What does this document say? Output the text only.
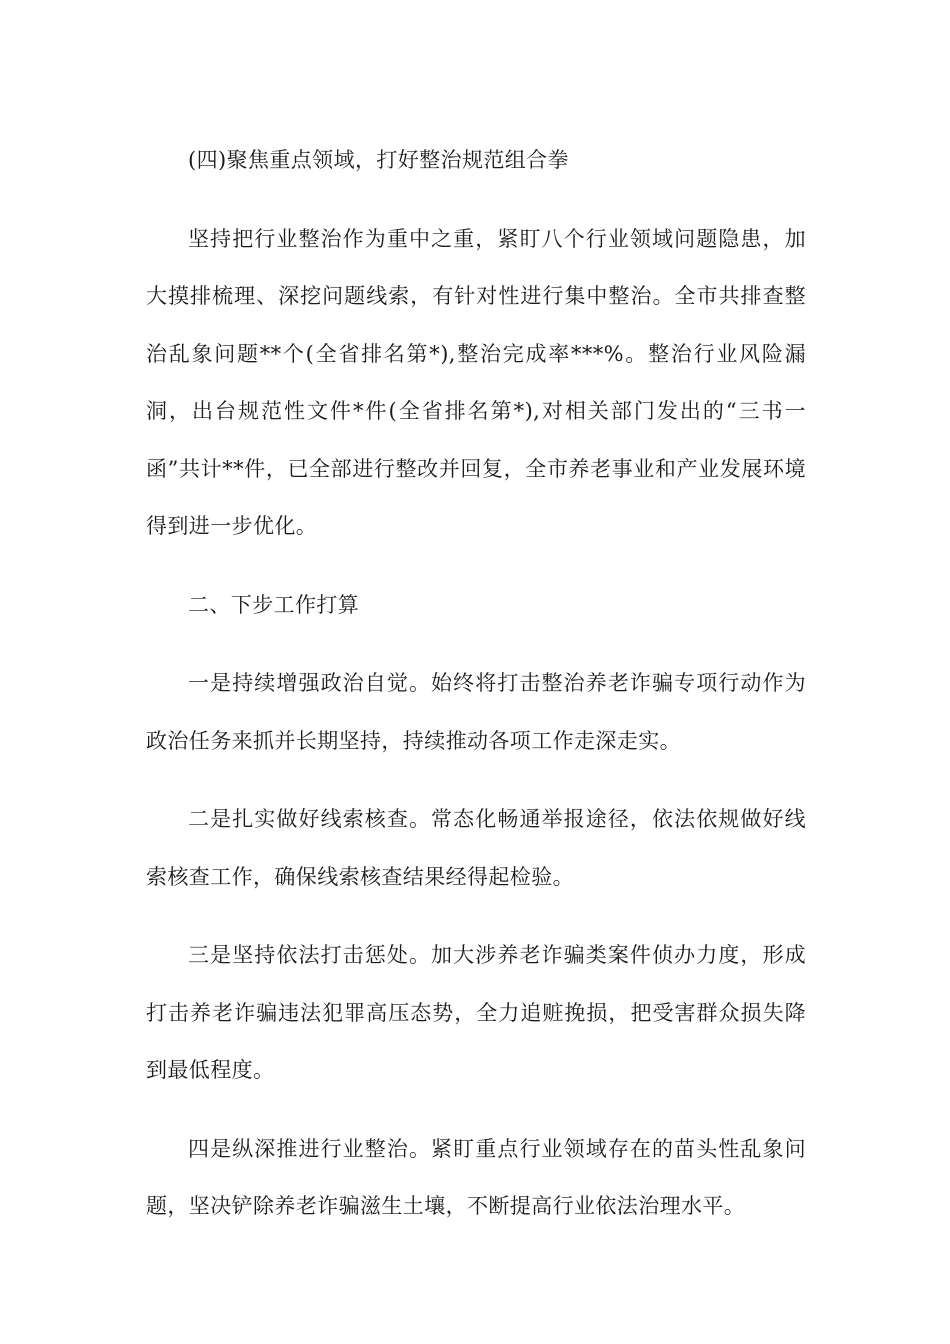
(四)聚焦重点领域，打好整治规范组合拳

坚持把行业整治作为重中之重，紧盯八个行业领域问题隐患，加大摸排梳理、深挖问题线索，有针对性进行集中整治。全市共排查整治乱象问题**个(全省排名第*),整治完成率***%。整治行业风险漏洞，出台规范性文件*件(全省排名第*),对相关部门发出的“三书一函”共计**件，已全部进行整改并回复，全市养老事业和产业发展环境得到进一步优化。

二、下步工作打算

一是持续增强政治自觉。始终将打击整治养老诈骗专项行动作为政治任务来抓并长期坚持，持续推动各项工作走深走实。

二是扎实做好线索核查。常态化畅通举报途径，依法依规做好线索核查工作，确保线索核查结果经得起检验。

三是坚持依法打击惩处。加大涉养老诈骗类案件侦办力度，形成打击养老诈骗违法犯罪高压态势，全力追赃挽损，把受害群众损失降到最低程度。

四是纵深推进行业整治。紧盯重点行业领域存在的苗头性乱象问题，坚决铲除养老诈骗滋生土壤，不断提高行业依法治理水平。
